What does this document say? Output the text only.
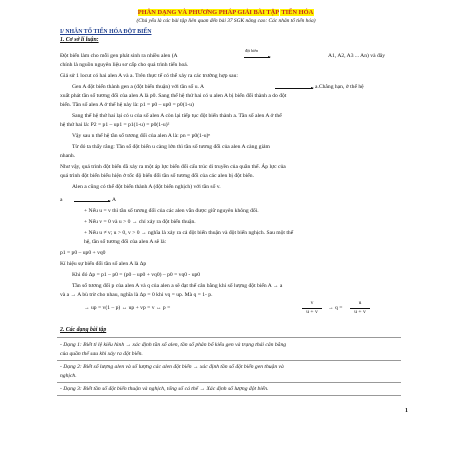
PHÂN DẠNG VÀ PHƯƠNG PHÁP GIẢI BÀI TẬP TIẾN HÓA
(Chủ yếu là các bài tập liên quan đến bài 37 SGK nâng cao: Các nhân tố tiến hóa)
I/ NHÂN TỐ TIẾN HÓA ĐỘT BIẾN
1. Cơ sở lí luận:
Đột biến làm cho mỗi gen phát sinh ra nhiều alen (A
đột biến
A1, A2, A3 ... An) và đây
chính là nguồn nguyên liệu sơ cấp cho quá trình tiến hoá.
Giả sử 1 locut có hai alen A và a. Trên thực tế có thể xảy ra các trường hợp sau:
Gen A đột biến thành gen a (đột biến thuận) với tần số u. A	a.Chẳng hạn, ở thế hệ
xuất phát tần số tương đối của alen A là p0. Sang thế hệ thứ hai có u alen A bị biến đổi thành a do đột
biến. Tần số alen A ở thế hệ này là: p1 = p0 – up0 = p0(1-u)
Sang thế hệ thứ hai lại có u của số alen A còn lại tiếp tục đột biến thành a. Tần số alen A ở thế
hệ thứ hai là: P2 = p1 – up1 = p1(1-u) = p0(1-u)²
Vậy sau n thế hệ tần số tương đối của alen A là: pn = p0(1-u)ⁿ
Từ đó ta thấy rằng: Tần số đột biến u càng lớn thì tần số tương đối của alen A càng giảm
nhanh.
Như vậy, quá trình đột biến đã xảy ra một áp lực biến đổi cấu trúc di truyền của quần thể. Áp lực của
quá trình đột biến biểu hiện ở tốc độ biến đổi tần số tương đối của các alen bị đột biến.
Alen a cũng có thể đột biến thành A (đột biến nghịch) với tần số v.
a	A
+ Nếu u = v thì tần số tương đối của các alen vẫn được giữ nguyên không đổi.
+ Nếu v = 0 và u > 0 → chỉ xảy ra đột biến thuận.
+ Nếu u ≠ v; u > 0, v > 0 → nghĩa là xảy ra cả đột biến thuận và đột biến nghịch. Sau một thế
hệ, tần số tương đối của alen A sẽ là:
p1 = p0 – up0 + vq0
Kí hiệu sự biến đổi tần số alen A là Δp
Khi đó Δp = p1 – p0 = (p0 – up0 + vq0) – p0 = vq0 - up0
Tần số tương đối p của alen A và q của alen a sẽ đạt thế cân bằng khi số lượng đột biến A → a
và a → A bù trừ cho nhau, nghĩa là Δp = 0 khi vq = up. Mà q = 1- p.
→ up = v(1 – p) ↔ up + vp = v ↔ p =
v
u + v
→ q =
u
u + v
2. Các dạng bài tập
- Dạng 1: Biết tỉ lệ kiểu hình → xác định tần số alen, tần số phân bố kiểu gen và trạng thái cân bằng
của quần thể sau khi xảy ra đột biến.
- Dạng 2: Biết số lượng alen và số lượng các alen đột biến → xác định tần số đột biến gen thuận và
nghịch.
- Dạng 3: Biết tần số đột biến thuận và nghịch, tổng số cá thể → Xác định số lượng đột biến.
1
